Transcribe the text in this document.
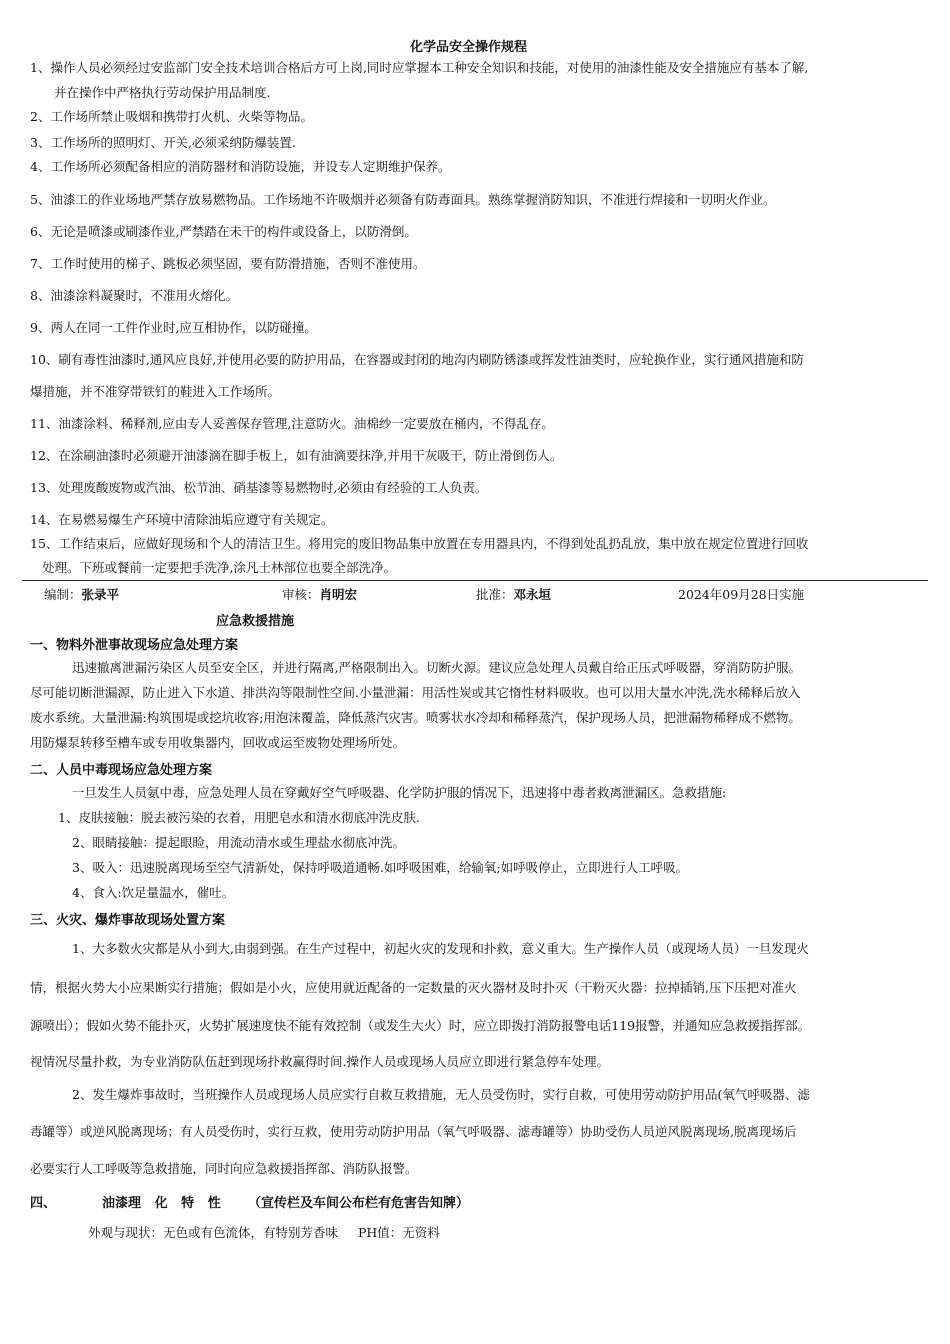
化学品安全操作规程
1、操作人员必须经过安监部门安全技术培训合格后方可上岗,同时应掌握本工种安全知识和技能，对使用的油漆性能及安全措施应有基本了解,
并在操作中严格执行劳动保护用品制度.
2、工作场所禁止吸烟和携带打火机、火柴等物品。
3、工作场所的照明灯、开关,必须采纳防爆装置.
4、工作场所必须配备相应的消防器材和消防设施，并设专人定期维护保养。
5、油漆工的作业场地严禁存放易燃物品。工作场地不许吸烟并必须备有防毒面具。熟练掌握消防知识，不准进行焊接和一切明火作业。
6、无论是喷漆或刷漆作业,严禁踏在未干的构件或设备上，以防滑倒。
7、工作时使用的梯子、跳板必须坚固，要有防滑措施，否则不准使用。
8、油漆涂料凝聚时，不准用火熔化。
9、两人在同一工件作业时,应互相协作，以防碰撞。
10、刷有毒性油漆时,通风应良好,并使用必要的防护用品，在容器或封闭的地沟内刷防锈漆或挥发性油类时，应轮换作业，实行通风措施和防
爆措施，并不准穿带铁钉的鞋进入工作场所。
11、油漆涂料、稀释剂,应由专人妥善保存管理,注意防火。油棉纱一定要放在桶内，不得乱存。
12、在涂刷油漆时必须避开油漆滴在脚手板上，如有油滴要抹净,并用干灰吸干，防止滑倒伤人。
13、处理废酸废物或汽油、松节油、硝基漆等易燃物时,必须由有经验的工人负责。
14、在易燃易爆生产环境中清除油垢应遵守有关规定。
15、工作结束后，应做好现场和个人的清洁卫生。将用完的废旧物品集中放置在专用器具内，不得到处乱扔乱放，集中放在规定位置进行回收
处理。下班或餐前一定要把手洗净,涂凡士林部位也要全部洗净。
编制：张录平	审核：肖明宏	批准：邓永垣	2024年09月28日实施
应急救援措施
一、物料外泄事故现场应急处理方案
迅速撤离泄漏污染区人员至安全区，并进行隔离,严格限制出入。切断火源。建议应急处理人员戴自给正压式呼吸器，穿消防防护服。
尽可能切断泄漏源，防止进入下水道、排洪沟等限制性空间.小量泄漏：用活性炭或其它惰性材料吸收。也可以用大量水冲洗,洗水稀释后放入
废水系统。大量泄漏:构筑围堤或挖坑收容;用泡沫覆盖，降低蒸汽灾害。喷雾状水冷却和稀释蒸汽，保护现场人员，把泄漏物稀释成不燃物。
用防爆泵转移至槽车或专用收集器内，回收或运至废物处理场所处。
二、人员中毒现场应急处理方案
一旦发生人员氨中毒，应急处理人员在穿戴好空气呼吸器、化学防护服的情况下，迅速将中毒者救离泄漏区。急救措施:
1、皮肤接触：脱去被污染的衣着，用肥皂水和清水彻底冲洗皮肤.
2、眼睛接触：提起眼睑，用流动清水或生理盐水彻底冲洗。
3、吸入：迅速脱离现场至空气清新处，保持呼吸道通畅.如呼吸困难，给输氧;如呼吸停止，立即进行人工呼吸。
4、食入:饮足量温水，催吐。
三、火灾、爆炸事故现场处置方案
1、大多数火灾都是从小到大,由弱到强。在生产过程中，初起火灾的发现和扑救，意义重大。生产操作人员（或现场人员）一旦发现火
情，根据火势大小应果断实行措施；假如是小火，应使用就近配备的一定数量的灭火器材及时扑灭（干粉灭火器：拉掉插销,压下压把对准火
源喷出）；假如火势不能扑灭，火势扩展速度快不能有效控制（或发生大火）时，应立即拨打消防报警电话119报警，并通知应急救援指挥部。
视情况尽量扑救，为专业消防队伍赶到现场扑救赢得时间.操作人员或现场人员应立即进行紧急停车处理。
2、发生爆炸事故时，当班操作人员或现场人员应实行自救互救措施，无人员受伤时，实行自救，可使用劳动防护用品(氧气呼吸器、滤
毒罐等）或逆风脱离现场；有人员受伤时，实行互救，使用劳动防护用品（氧气呼吸器、滤毒罐等）协助受伤人员逆风脱离现场,脱离现场后
必要实行人工呼吸等急救措施，同时向应急救援指挥部、消防队报警。
四、	油漆理   化   特   性 （宣传栏及车间公布栏有危害告知牌）
外观与现状：无色或有色流体，有特别芳香味 PH值：无资料
